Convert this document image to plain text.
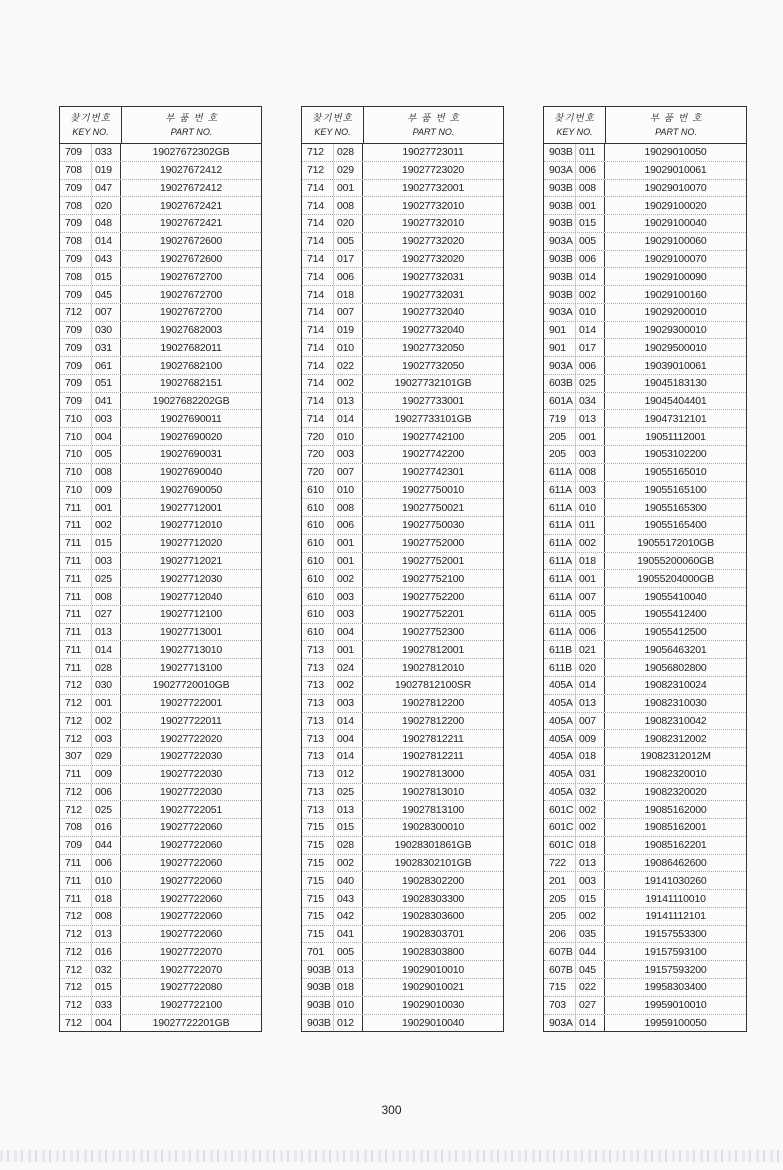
찾기번호
KEY NO.
부 품 번 호
PART NO.
709	033	19027672302GB
708	019	19027672412
709	047	19027672412
708	020	19027672421
709	048	19027672421
708	014	19027672600
709	043	19027672600
708	015	19027672700
709	045	19027672700
712	007	19027672700
709	030	19027682003
709	031	19027682011
709	061	19027682100
709	051	19027682151
709	041	19027682202GB
710	003	19027690011
710	004	19027690020
710	005	19027690031
710	008	19027690040
710	009	19027690050
711	001	19027712001
711	002	19027712010
711	015	19027712020
711	003	19027712021
711	025	19027712030
711	008	19027712040
711	027	19027712100
711	013	19027713001
711	014	19027713010
711	028	19027713100
712	030	19027720010GB
712	001	19027722001
712	002	19027722011
712	003	19027722020
307	029	19027722030
711	009	19027722030
712	006	19027722030
712	025	19027722051
708	016	19027722060
709	044	19027722060
711	006	19027722060
711	010	19027722060
711	018	19027722060
712	008	19027722060
712	013	19027722060
712	016	19027722070
712	032	19027722070
712	015	19027722080
712	033	19027722100
712	004	19027722201GB
찾기번호
KEY NO.
부 품 번 호
PART NO.
712	028	19027723011
712	029	19027723020
714	001	19027732001
714	008	19027732010
714	020	19027732010
714	005	19027732020
714	017	19027732020
714	006	19027732031
714	018	19027732031
714	007	19027732040
714	019	19027732040
714	010	19027732050
714	022	19027732050
714	002	19027732101GB
714	013	19027733001
714	014	19027733101GB
720	010	19027742100
720	003	19027742200
720	007	19027742301
610	010	19027750010
610	008	19027750021
610	006	19027750030
610	001	19027752000
610	001	19027752001
610	002	19027752100
610	003	19027752200
610	003	19027752201
610	004	19027752300
713	001	19027812001
713	024	19027812010
713	002	19027812100SR
713	003	19027812200
713	014	19027812200
713	004	19027812211
713	014	19027812211
713	012	19027813000
713	025	19027813010
713	013	19027813100
715	015	19028300010
715	028	19028301861GB
715	002	19028302101GB
715	040	19028302200
715	043	19028303300
715	042	19028303600
715	041	19028303701
701	005	19028303800
903B 013	19029010010
903B 018	19029010021
903B 010	19029010030
903B 012	19029010040
찾기번호
KEY NO.
부 품 번 호
PART NO.
903B 011	19029010050
903A 006	19029010061
903B 008	19029010070
903B 001	19029100020
903B 015	19029100040
903A 005	19029100060
903B 006	19029100070
903B 014	19029100090
903B 002	19029100160
903A 010	19029200010
901	014	19029300010
901	017	19029500010
903A 006	19039010061
603B 025	19045183130
601A 034	19045404401
719	013	19047312101
205	001	19051112001
205	003	19053102200
611A 008	19055165010
611A 003	19055165100
611A 010	19055165300
611A 011	19055165400
611A 002	19055172010GB
611A 018	19055200060GB
611A 001	19055204000GB
611A 007	19055410040
611A 005	19055412400
611A 006	19055412500
611B 021	19056463201
611B 020	19056802800
405A 014	19082310024
405A 013	19082310030
405A 007	19082310042
405A 009	19082312002
405A 018	19082312012M
405A 031	19082320010
405A 032	19082320020
601C 002	19085162000
601C 002	19085162001
601C 018	19085162201
722	013	19086462600
201	003	19141030260
205	015	19141110010
205	002	19141112101
206	035	19157553300
607B 044	19157593100
607B 045	19157593200
715	022	19958303400
703	027	19959010010
903A 014	19959100050
300
